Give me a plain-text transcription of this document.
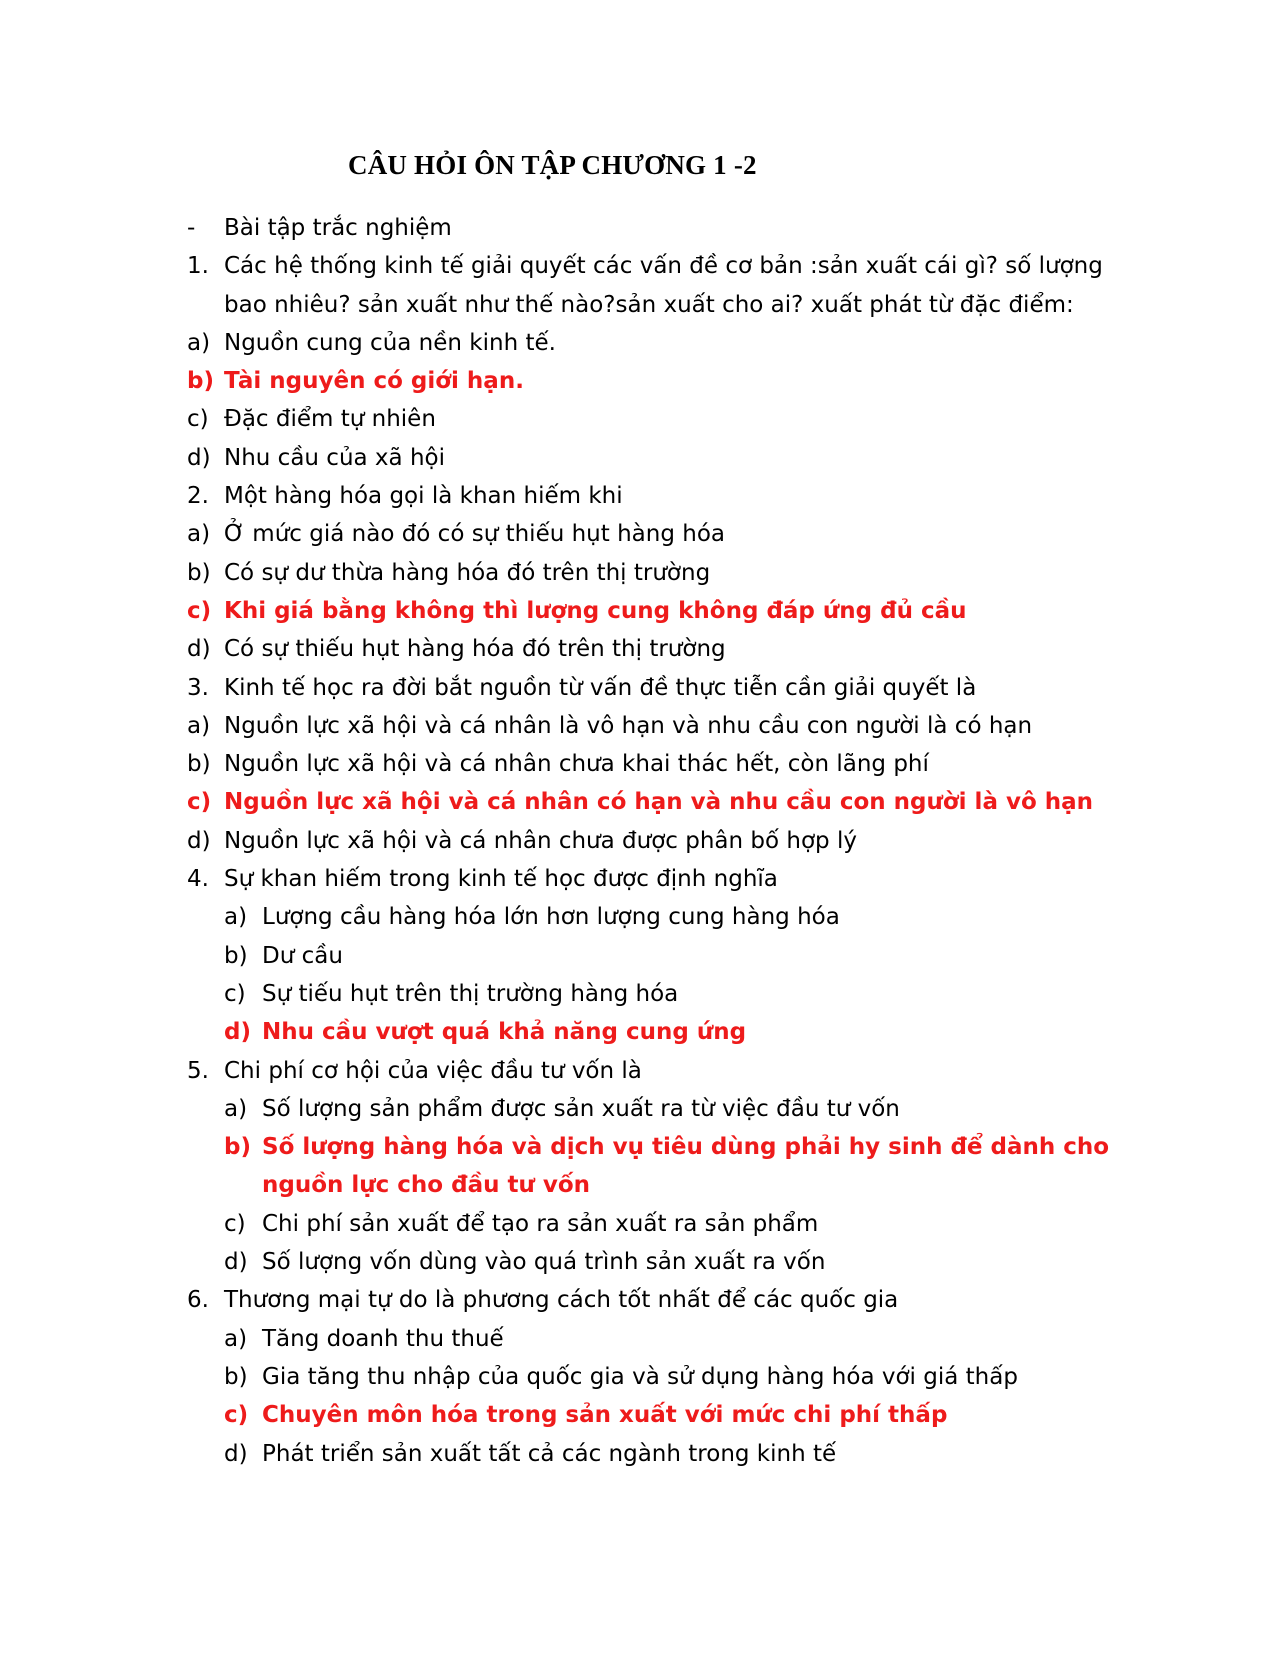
CÂU HỎI ÔN TẬP CHƯƠNG 1 -2
- Bài tập trắc nghiệm
1. Các hệ thống kinh tế giải quyết các vấn đề cơ bản :sản xuất cái gì? số lượng
bao nhiêu? sản xuất như thế nào?sản xuất cho ai? xuất phát từ đặc điểm:
a) Nguồn cung của nền kinh tế.
b) Tài nguyên có giới hạn.
c) Đặc điểm tự nhiên
d) Nhu cầu của xã hội
2. Một hàng hóa gọi là khan hiếm khi
a) Ở mức giá nào đó có sự thiếu hụt hàng hóa
b) Có sự dư thừa hàng hóa đó trên thị trường
c) Khi giá bằng không thì lượng cung không đáp ứng đủ cầu
d) Có sự thiếu hụt hàng hóa đó trên thị trường
3. Kinh tế học ra đời bắt nguồn từ vấn đề thực tiễn cần giải quyết là
a) Nguồn lực xã hội và cá nhân là vô hạn và nhu cầu con người là có hạn
b) Nguồn lực xã hội và cá nhân chưa khai thác hết, còn lãng phí
c) Nguồn lực xã hội và cá nhân có hạn và nhu cầu con người là vô hạn
d) Nguồn lực xã hội và cá nhân chưa được phân bố hợp lý
4. Sự khan hiếm trong kinh tế học được định nghĩa
a) Lượng cầu hàng hóa lớn hơn lượng cung hàng hóa
b) Dư cầu
c) Sự tiếu hụt trên thị trường hàng hóa
d) Nhu cầu vượt quá khả năng cung ứng
5. Chi phí cơ hội của việc đầu tư vốn là
a) Số lượng sản phẩm được sản xuất ra từ việc đầu tư vốn
b) Số lượng hàng hóa và dịch vụ tiêu dùng phải hy sinh để dành cho
nguồn lực cho đầu tư vốn
c) Chi phí sản xuất để tạo ra sản xuất ra sản phẩm
d) Số lượng vốn dùng vào quá trình sản xuất ra vốn
6. Thương mại tự do là phương cách tốt nhất để các quốc gia
a) Tăng doanh thu thuế
b) Gia tăng thu nhập của quốc gia và sử dụng hàng hóa với giá thấp
c) Chuyên môn hóa trong sản xuất với mức chi phí thấp
d) Phát triển sản xuất tất cả các ngành trong kinh tế
